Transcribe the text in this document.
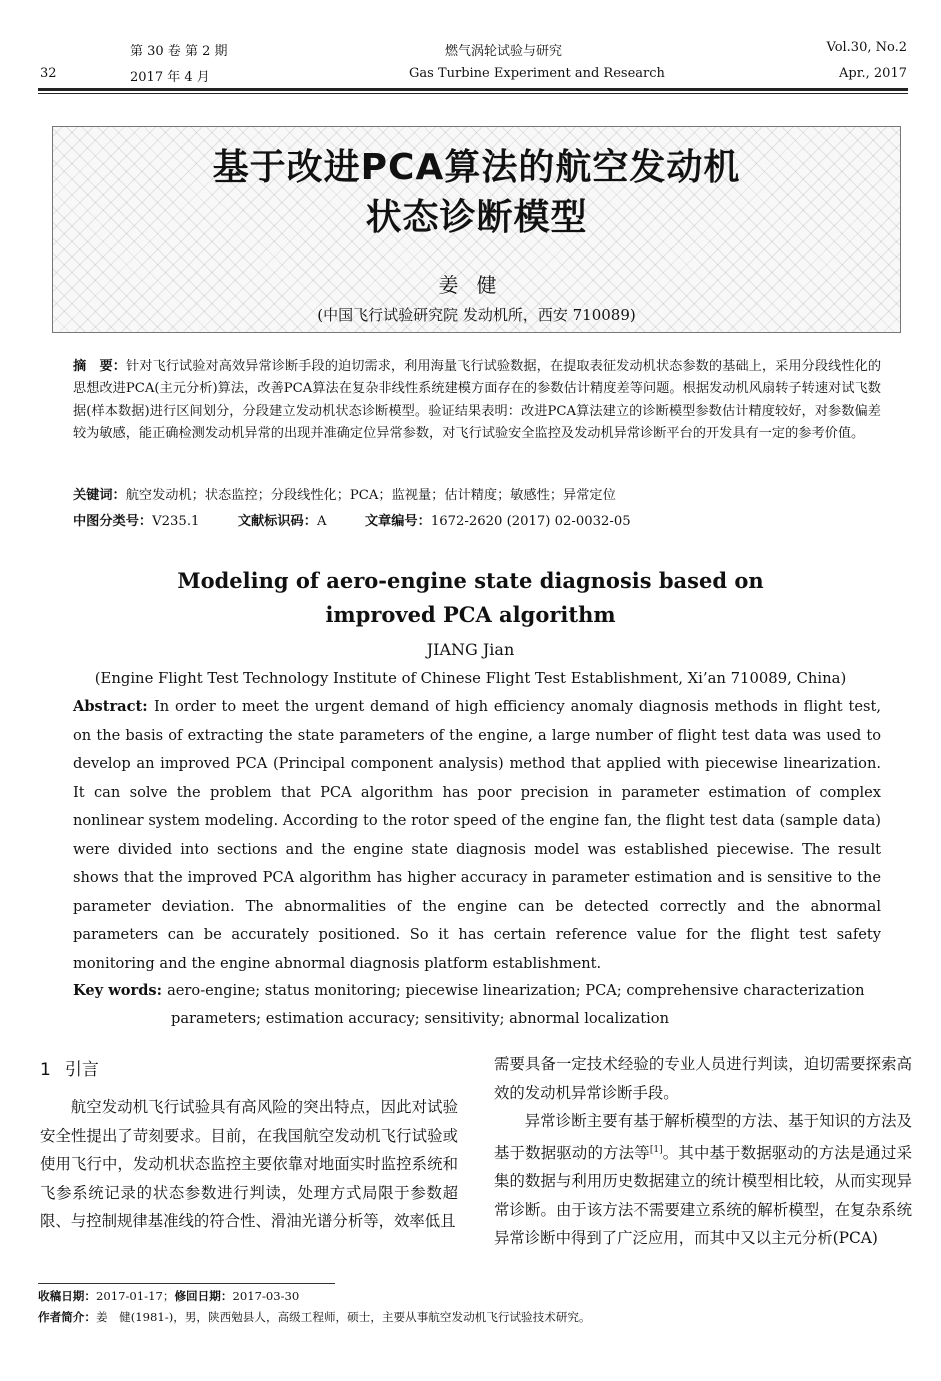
第 30 卷 第 2 期	燃气涡轮试验与研究	Vol.30, No.2
32	2017 年 4 月	Gas Turbine Experiment and Research	Apr., 2017
基于改进PCA算法的航空发动机
状态诊断模型
姜健
(中国飞行试验研究院 发动机所，西安 710089)
摘　要：针对飞行试验对高效异常诊断手段的迫切需求，利用海量飞行试验数据，在提取表征发动机状态参数的基础上，采用分段线性化的思想改进PCA(主元分析)算法，改善PCA算法在复杂非线性系统建模方面存在的参数估计精度差等问题。根据发动机风扇转子转速对试飞数据(样本数据)进行区间划分，分段建立发动机状态诊断模型。验证结果表明：改进PCA算法建立的诊断模型参数估计精度较好，对参数偏差较为敏感，能正确检测发动机异常的出现并准确定位异常参数，对飞行试验安全监控及发动机异常诊断平台的开发具有一定的参考价值。
关键词：航空发动机；状态监控；分段线性化；PCA；监视量；估计精度；敏感性；异常定位
中图分类号：V235.1	文献标识码：A	文章编号：1672-2620 (2017) 02-0032-05
Modeling of aero-engine state diagnosis based on
improved PCA algorithm
JIANG Jian
(Engine Flight Test Technology Institute of Chinese Flight Test Establishment, Xi’an 710089, China)
Abstract: In order to meet the urgent demand of high efficiency anomaly diagnosis methods in flight test, on the basis of extracting the state parameters of the engine, a large number of flight test data was used to develop an improved PCA (Principal component analysis) method that applied with piecewise linearization. It can solve the problem that PCA algorithm has poor precision in parameter estimation of complex nonlinear system modeling. According to the rotor speed of the engine fan, the flight test data (sample data) were divided into sections and the engine state diagnosis model was established piecewise. The result shows that the improved PCA algorithm has higher accuracy in parameter estimation and is sensitive to the parameter deviation. The abnormalities of the engine can be detected correctly and the abnormal parameters can be accurately positioned. So it has certain reference value for the flight test safety monitoring and the engine abnormal diagnosis platform establishment.
Key words: aero-engine; status monitoring; piecewise linearization; PCA; comprehensive characterization
parameters; estimation accuracy; sensitivity; abnormal localization
1 引言
航空发动机飞行试验具有高风险的突出特点，因此对试验安全性提出了苛刻要求。目前，在我国航空发动机飞行试验或使用飞行中，发动机状态监控主要依靠对地面实时监控系统和飞参系统记录的状态参数进行判读，处理方式局限于参数超限、与控制规律基准线的符合性、滑油光谱分析等，效率低且
需要具备一定技术经验的专业人员进行判读，迫切需要探索高效的发动机异常诊断手段。
异常诊断主要有基于解析模型的方法、基于知识的方法及基于数据驱动的方法等[1]。其中基于数据驱动的方法是通过采集的数据与利用历史数据建立的统计模型相比较，从而实现异常诊断。由于该方法不需要建立系统的解析模型，在复杂系统异常诊断中得到了广泛应用，而其中又以主元分析(PCA)
收稿日期：2017-01-17；修回日期：2017-03-30
作者简介：姜　健(1981-)，男，陕西勉县人，高级工程师，硕士，主要从事航空发动机飞行试验技术研究。
